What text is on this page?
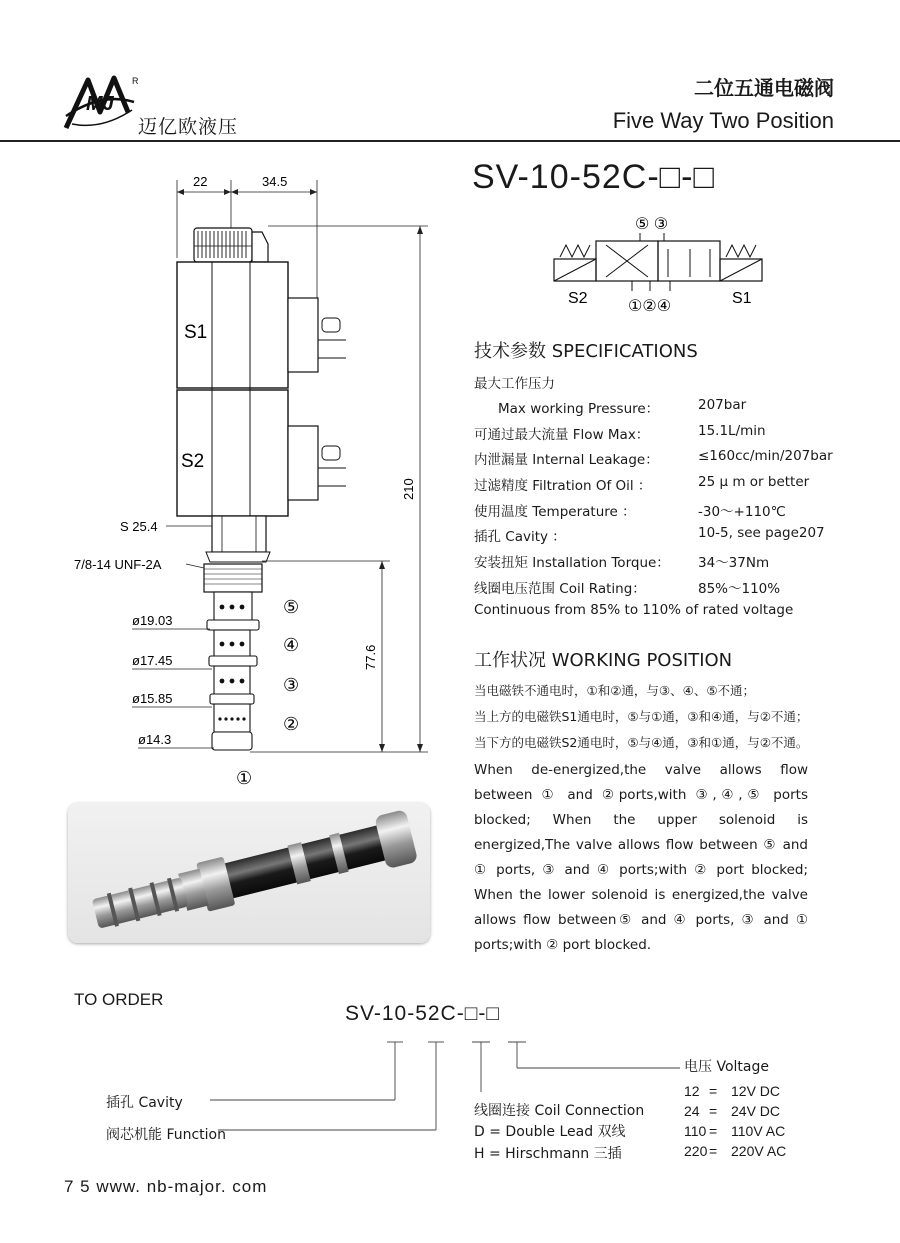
MJ
R
迈亿欧液压
二位五通电磁阀
Five Way Two Position
22	34.5
S1
S2
S 25.4
7/8-14 UNF-2A
ø19.03
ø17.45
ø15.85
ø14.3
⑤
④
③
②
①
210
77.6
SV-10-52C-□-□
⑤ ③
S2	①②④	S1
技术参数 SPECIFICATIONS
最大工作压力
Max working Pressure：	207bar
可通过最大流量 Flow Max：	15.1L/min
内泄漏量 Internal Leakage：	≤160cc/min/207bar
过滤精度 Filtration Of Oil ：	25 μ m or better
使用温度 Temperature ：	-30～+110℃
插孔 Cavity ：	10-5, see page207
安装扭矩 Installation Torque： 34～37Nm
线圈电压范围 Coil Rating：	85%～110%
Continuous from 85% to 110% of rated voltage
工作状况 WORKING POSITION
当电磁铁不通电时，①和②通，与③、④、⑤不通；
当上方的电磁铁S1通电时，⑤与①通，③和④通，与②不通；
当下方的电磁铁S2通电时，⑤与④通，③和①通，与②不通。
When de-energized,the valve allows flow between ① and ②ports,with ③,④,⑤ ports blocked; When the upper solenoid is energized,The valve allows flow between ⑤ and ① ports, ③ and ④ ports;with ② port blocked; When the lower solenoid is energized,the valve allows flow between⑤ and ④ ports, ③ and ① ports;with ② port blocked.
TO ORDER
SV-10-52C-□-□
插孔 Cavity
阀芯机能 Function
线圈连接 Coil Connection
D = Double Lead 双线
H = Hirschmann 三插
电压 Voltage
12 = 12V DC
24 = 24V DC
110 = 110V AC
220 = 220V AC
7 5 www. nb-major. com
